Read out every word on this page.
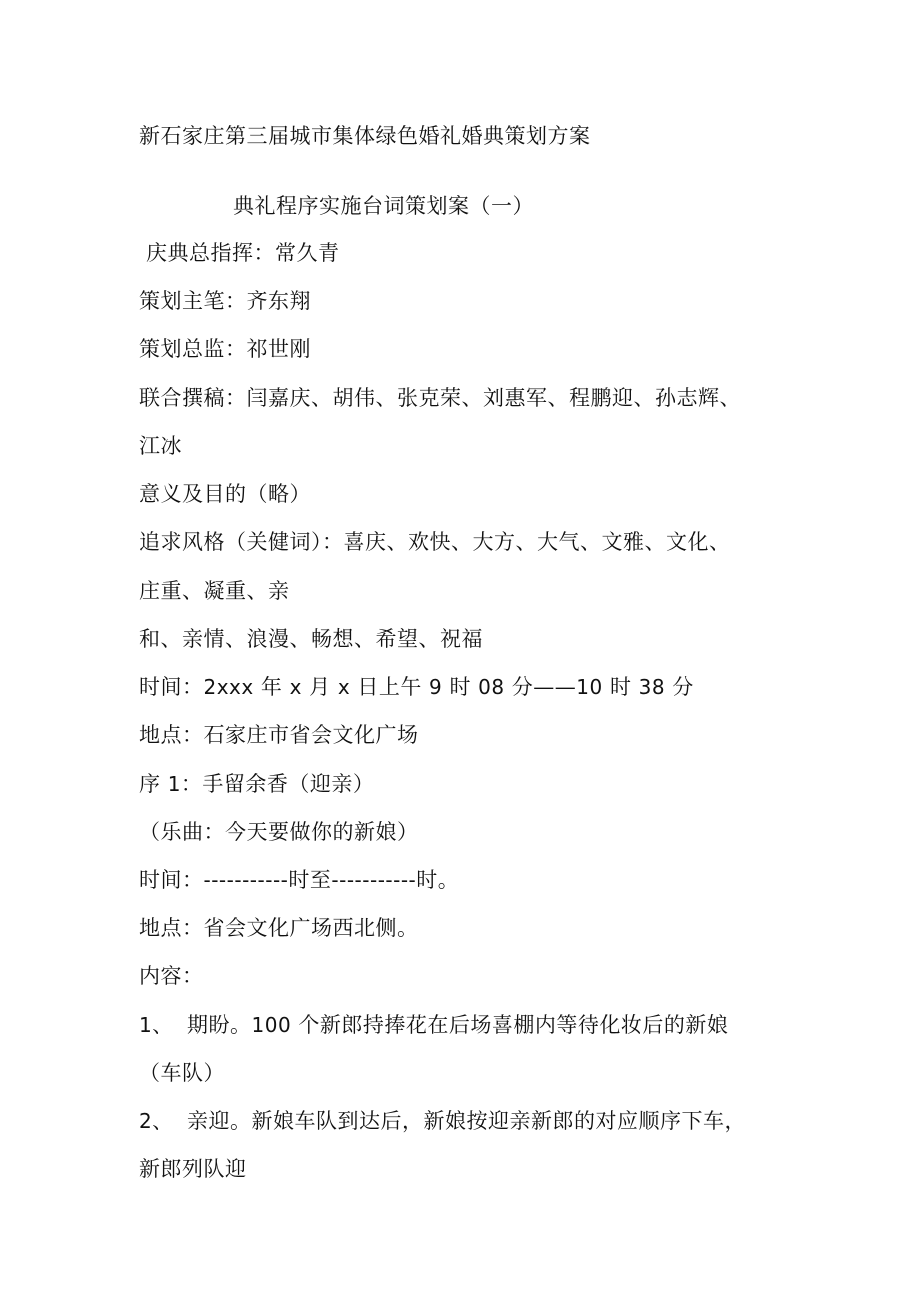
新石家庄第三届城市集体绿色婚礼婚典策划方案
典礼程序实施台词策划案（一）
庆典总指挥：常久青
策划主笔：齐东翔
策划总监：祁世刚
联合撰稿：闫嘉庆、胡伟、张克荣、刘惠军、程鹏迎、孙志辉、
江冰
意义及目的（略）
追求风格（关健词）：喜庆、欢快、大方、大气、文雅、文化、
庄重、凝重、亲
和、亲情、浪漫、畅想、希望、祝福
时间：2xxx 年 x 月 x 日上午 9 时 08 分——10 时 38 分
地点：石家庄市省会文化广场
序 1：手留余香（迎亲）
（乐曲：今天要做你的新娘）
时间：-----------时至-----------时。
地点：省会文化广场西北侧。
内容：
1、 期盼。100 个新郎持捧花在后场喜棚内等待化妆后的新娘
（车队）
2、 亲迎。新娘车队到达后，新娘按迎亲新郎的对应顺序下车，
新郎列队迎
